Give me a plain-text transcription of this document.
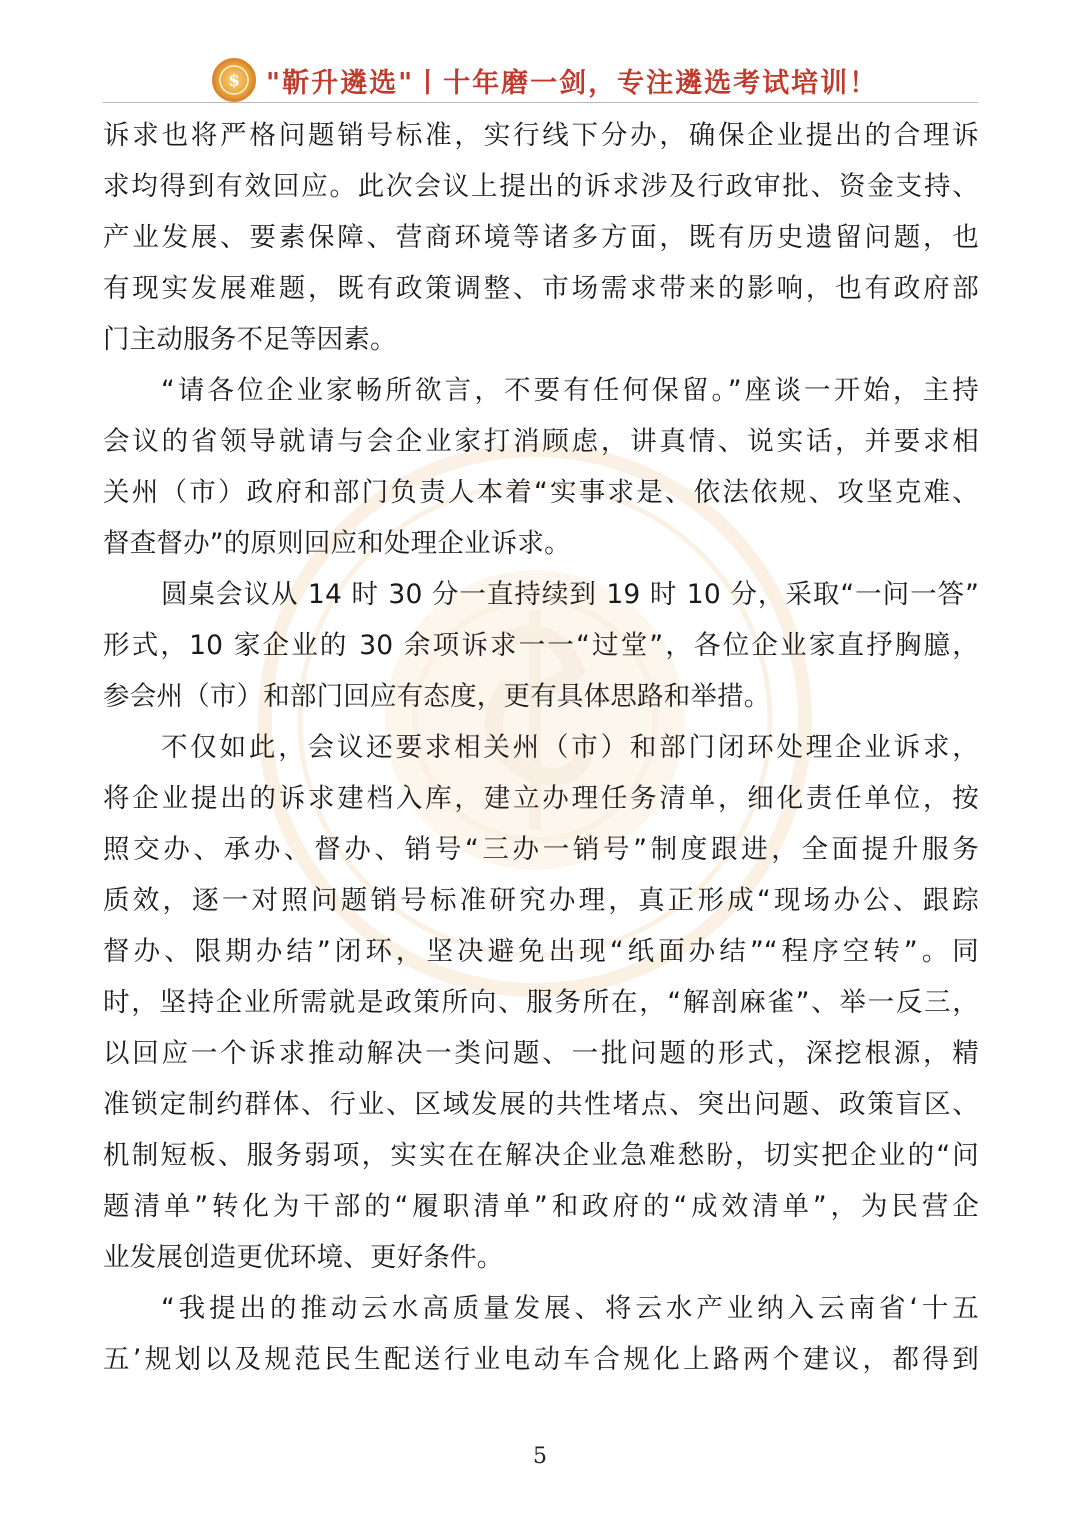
$ "靳升遴选"丨十年磨一剑，专注遴选考试培训！
诉求也将严格问题销号标准，实行线下分办，确保企业提出的合理诉
求均得到有效回应。此次会议上提出的诉求涉及行政审批、资金支持、
产业发展、要素保障、营商环境等诸多方面，既有历史遗留问题，也
有现实发展难题，既有政策调整、市场需求带来的影响，也有政府部
门主动服务不足等因素。
“请各位企业家畅所欲言，不要有任何保留。”座谈一开始，主持
会议的省领导就请与会企业家打消顾虑，讲真情、说实话，并要求相
关州（市）政府和部门负责人本着“实事求是、依法依规、攻坚克难、
督查督办”的原则回应和处理企业诉求。
圆桌会议从 14 时 30 分一直持续到 19 时 10 分，采取“一问一答”
形式，10 家企业的 30 余项诉求一一“过堂”，各位企业家直抒胸臆，
参会州（市）和部门回应有态度，更有具体思路和举措。
不仅如此，会议还要求相关州（市）和部门闭环处理企业诉求，
将企业提出的诉求建档入库，建立办理任务清单，细化责任单位，按
照交办、承办、督办、销号“三办一销号”制度跟进，全面提升服务
质效，逐一对照问题销号标准研究办理，真正形成“现场办公、跟踪
督办、限期办结”闭环，坚决避免出现“纸面办结”“程序空转”。同
时，坚持企业所需就是政策所向、服务所在，“解剖麻雀”、举一反三，
以回应一个诉求推动解决一类问题、一批问题的形式，深挖根源，精
准锁定制约群体、行业、区域发展的共性堵点、突出问题、政策盲区、
机制短板、服务弱项，实实在在解决企业急难愁盼，切实把企业的“问
题清单”转化为干部的“履职清单”和政府的“成效清单”，为民营企
业发展创造更优环境、更好条件。
“我提出的推动云水高质量发展、将云水产业纳入云南省‘十五
五’规划以及规范民生配送行业电动车合规化上路两个建议，都得到
5
